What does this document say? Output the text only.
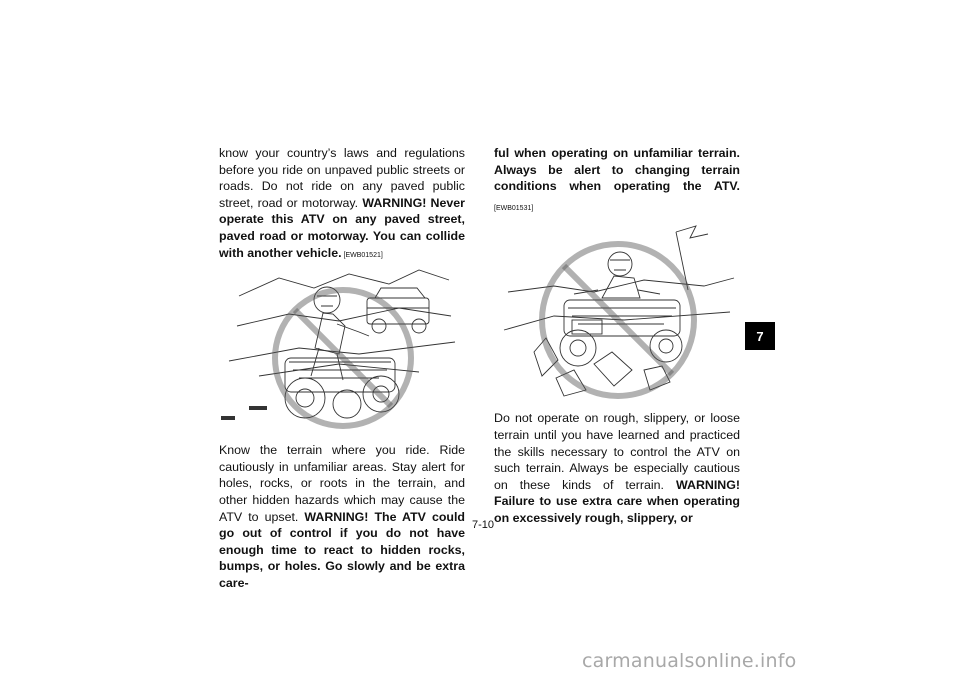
know your country’s laws and regulations before you ride on unpaved public streets or roads. Do not ride on any paved public street, road or motorway. WARNING! Never operate this ATV on any paved street, paved road or motorway. You can collide with another vehicle. [EWB01521]

Know the terrain where you ride. Ride cautiously in unfamiliar areas. Stay alert for holes, rocks, or roots in the terrain, and other hidden hazards which may cause the ATV to upset. WARNING! The ATV could go out of control if you do not have enough time to react to hidden rocks, bumps, or holes. Go slowly and be extra care-

ful when operating on unfamiliar terrain. Always be alert to changing terrain conditions when operating the ATV. [EWB01531]

Do not operate on rough, slippery, or loose terrain until you have learned and practiced the skills necessary to control the ATV on such terrain. Always be especially cautious on these kinds of terrain. WARNING! Failure to use extra care when operating on excessively rough, slippery, or

7-10
7
carmanualsonline.info
